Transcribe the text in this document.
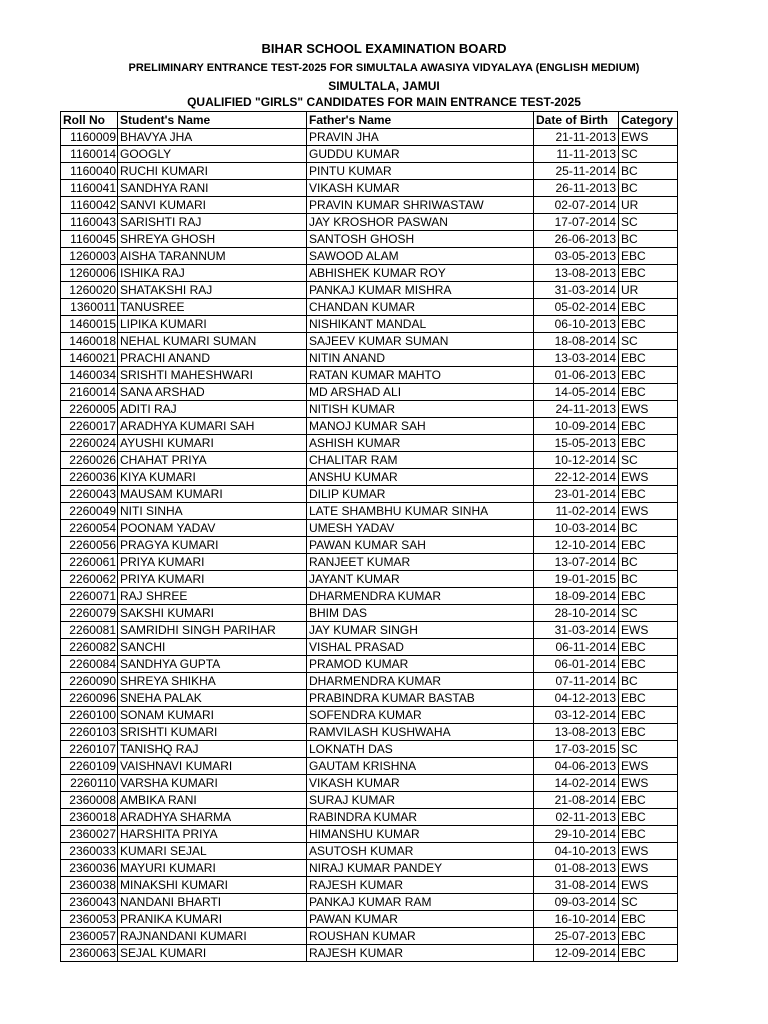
BIHAR SCHOOL EXAMINATION BOARD
PRELIMINARY ENTRANCE TEST-2025 FOR SIMULTALA AWASIYA VIDYALAYA (ENGLISH MEDIUM)
SIMULTALA, JAMUI
QUALIFIED "GIRLS" CANDIDATES FOR MAIN ENTRANCE TEST-2025
Roll No	Student's Name	Father's Name	Date of Birth	Category
1160009	BHAVYA JHA	PRAVIN JHA	21-11-2013	EWS
1160014	GOOGLY	GUDDU KUMAR	11-11-2013	SC
1160040	RUCHI KUMARI	PINTU KUMAR	25-11-2014	BC
1160041	SANDHYA RANI	VIKASH KUMAR	26-11-2013	BC
1160042	SANVI KUMARI	PRAVIN KUMAR SHRIWASTAW	02-07-2014	UR
1160043	SARISHTI RAJ	JAY KROSHOR PASWAN	17-07-2014	SC
1160045	SHREYA GHOSH	SANTOSH GHOSH	26-06-2013	BC
1260003	AISHA TARANNUM	SAWOOD ALAM	03-05-2013	EBC
1260006	ISHIKA RAJ	ABHISHEK KUMAR ROY	13-08-2013	EBC
1260020	SHATAKSHI RAJ	PANKAJ KUMAR MISHRA	31-03-2014	UR
1360011	TANUSREE	CHANDAN KUMAR	05-02-2014	EBC
1460015	LIPIKA KUMARI	NISHIKANT MANDAL	06-10-2013	EBC
1460018	NEHAL KUMARI SUMAN	SAJEEV KUMAR SUMAN	18-08-2014	SC
1460021	PRACHI ANAND	NITIN ANAND	13-03-2014	EBC
1460034	SRISHTI MAHESHWARI	RATAN KUMAR MAHTO	01-06-2013	EBC
2160014	SANA ARSHAD	MD ARSHAD ALI	14-05-2014	EBC
2260005	ADITI RAJ	NITISH KUMAR	24-11-2013	EWS
2260017	ARADHYA KUMARI SAH	MANOJ KUMAR SAH	10-09-2014	EBC
2260024	AYUSHI KUMARI	ASHISH KUMAR	15-05-2013	EBC
2260026	CHAHAT PRIYA	CHALITAR RAM	10-12-2014	SC
2260036	KIYA KUMARI	ANSHU KUMAR	22-12-2014	EWS
2260043	MAUSAM KUMARI	DILIP KUMAR	23-01-2014	EBC
2260049	NITI SINHA	LATE SHAMBHU KUMAR SINHA	11-02-2014	EWS
2260054	POONAM YADAV	UMESH YADAV	10-03-2014	BC
2260056	PRAGYA KUMARI	PAWAN KUMAR SAH	12-10-2014	EBC
2260061	PRIYA KUMARI	RANJEET KUMAR	13-07-2014	BC
2260062	PRIYA KUMARI	JAYANT KUMAR	19-01-2015	BC
2260071	RAJ SHREE	DHARMENDRA KUMAR	18-09-2014	EBC
2260079	SAKSHI KUMARI	BHIM DAS	28-10-2014	SC
2260081	SAMRIDHI SINGH PARIHAR	JAY KUMAR SINGH	31-03-2014	EWS
2260082	SANCHI	VISHAL PRASAD	06-11-2014	EBC
2260084	SANDHYA GUPTA	PRAMOD KUMAR	06-01-2014	EBC
2260090	SHREYA SHIKHA	DHARMENDRA KUMAR	07-11-2014	BC
2260096	SNEHA PALAK	PRABINDRA KUMAR BASTAB	04-12-2013	EBC
2260100	SONAM KUMARI	SOFENDRA KUMAR	03-12-2014	EBC
2260103	SRISHTI KUMARI	RAMVILASH KUSHWAHA	13-08-2013	EBC
2260107	TANISHQ RAJ	LOKNATH DAS	17-03-2015	SC
2260109	VAISHNAVI KUMARI	GAUTAM KRISHNA	04-06-2013	EWS
2260110	VARSHA KUMARI	VIKASH KUMAR	14-02-2014	EWS
2360008	AMBIKA RANI	SURAJ KUMAR	21-08-2014	EBC
2360018	ARADHYA SHARMA	RABINDRA KUMAR	02-11-2013	EBC
2360027	HARSHITA PRIYA	HIMANSHU KUMAR	29-10-2014	EBC
2360033	KUMARI SEJAL	ASUTOSH KUMAR	04-10-2013	EWS
2360036	MAYURI KUMARI	NIRAJ KUMAR PANDEY	01-08-2013	EWS
2360038	MINAKSHI KUMARI	RAJESH KUMAR	31-08-2014	EWS
2360043	NANDANI BHARTI	PANKAJ KUMAR RAM	09-03-2014	SC
2360053	PRANIKA KUMARI	PAWAN KUMAR	16-10-2014	EBC
2360057	RAJNANDANI KUMARI	ROUSHAN KUMAR	25-07-2013	EBC
2360063	SEJAL KUMARI	RAJESH KUMAR	12-09-2014	EBC
